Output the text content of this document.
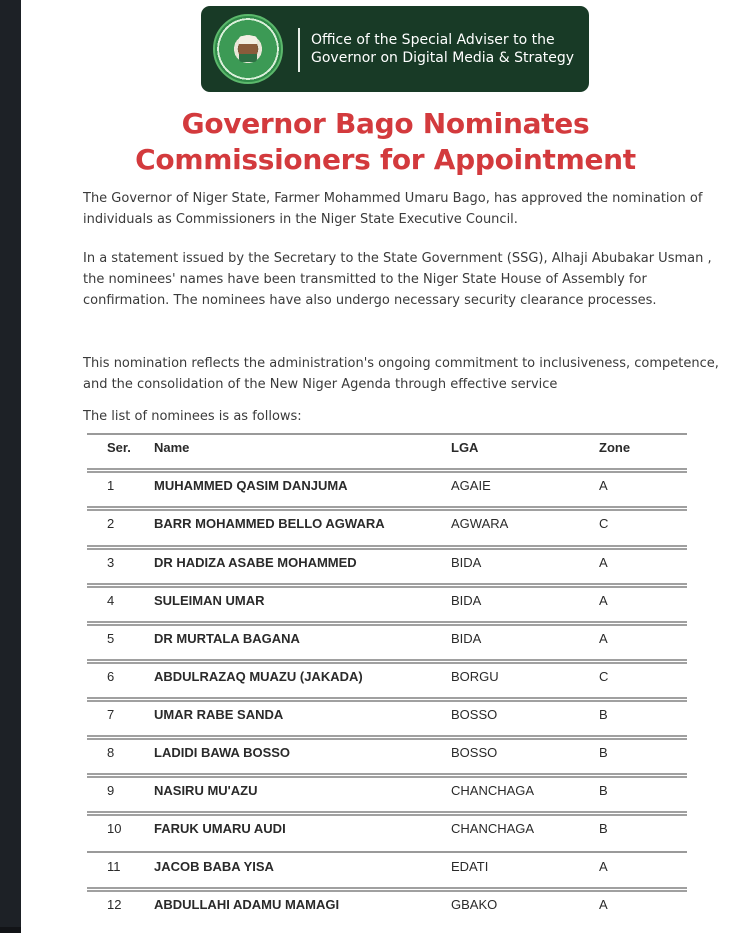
Office of the Special Adviser to the
Governor on Digital Media & Strategy
Governor Bago Nominates
Commissioners for Appointment

The Governor of Niger State, Farmer Mohammed Umaru Bago, has approved the nomination of individuals as Commissioners in the Niger State Executive Council.

In a statement issued by the Secretary to the State Government (SSG), Alhaji Abubakar Usman , the nominees' names have been transmitted to the Niger State House of Assembly for confirmation. The nominees have also undergo necessary security clearance processes.

This nomination reflects the administration's ongoing commitment to inclusiveness, competence, and the consolidation of the New Niger Agenda through effective service

The list of nominees is as follows:

Ser. Name	LGA	Zone
1	MUHAMMED QASIM DANJUMA	AGAIE	A
2	BARR MOHAMMED BELLO AGWARA	AGWARA	C
3	DR HADIZA ASABE MOHAMMED	BIDA	A
4	SULEIMAN UMAR	BIDA	A
5	DR MURTALA BAGANA	BIDA	A
6	ABDULRAZAQ MUAZU (JAKADA)	BORGU	C
7	UMAR RABE SANDA	BOSSO	B
8	LADIDI BAWA BOSSO	BOSSO	B
9	NASIRU MU'AZU	CHANCHAGA	B
10	FARUK UMARU AUDI	CHANCHAGA	B
11	JACOB BABA YISA	EDATI	A
12	ABDULLAHI ADAMU MAMAGI	GBAKO	A
